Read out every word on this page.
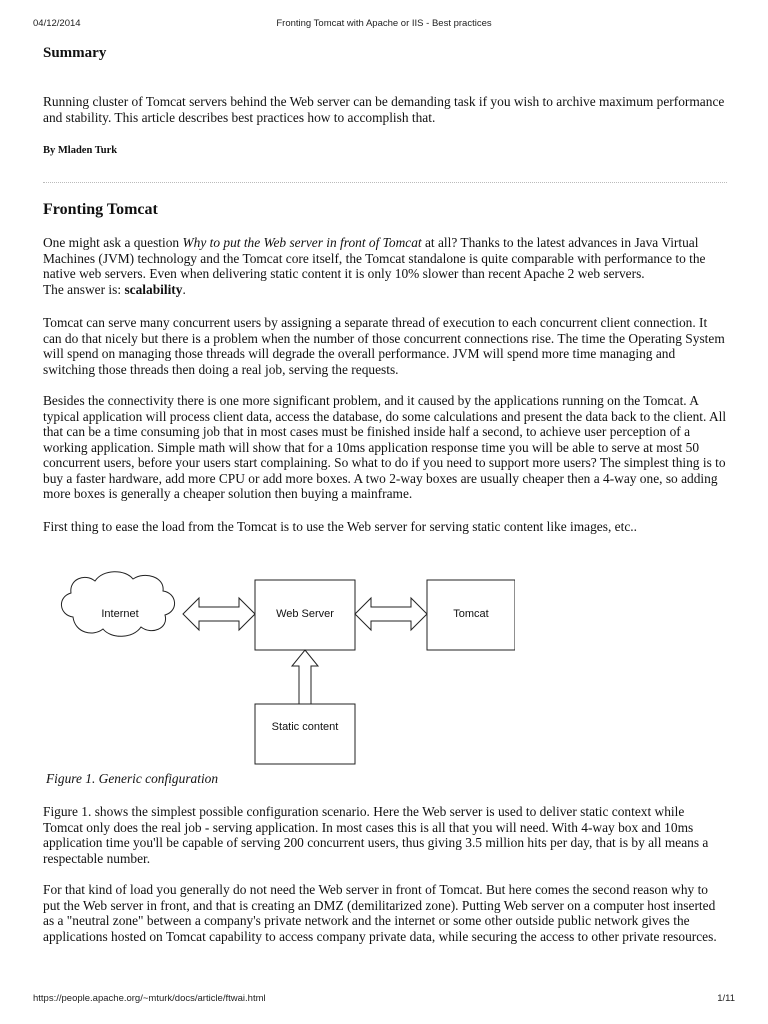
04/12/2014	Fronting Tomcat with Apache or IIS - Best practices
Summary

Running cluster of Tomcat servers behind the Web server can be demanding task if you wish to archive maximum performance and stability. This article describes best practices how to accomplish that.

By Mladen Turk

Fronting Tomcat

One might ask a question Why to put the Web server in front of Tomcat at all? Thanks to the latest advances in Java Virtual Machines (JVM) technology and the Tomcat core itself, the Tomcat standalone is quite comparable with performance to the native web servers. Even when delivering static content it is only 10% slower than recent Apache 2 web servers.
The answer is: scalability.

Tomcat can serve many concurrent users by assigning a separate thread of execution to each concurrent client connection. It can do that nicely but there is a problem when the number of those concurrent connections rise. The time the Operating System will spend on managing those threads will degrade the overall performance. JVM will spend more time managing and switching those threads then doing a real job, serving the requests.

Besides the connectivity there is one more significant problem, and it caused by the applications running on the Tomcat. A typical application will process client data, access the database, do some calculations and present the data back to the client. All that can be a time consuming job that in most cases must be finished inside half a second, to achieve user perception of a working application. Simple math will show that for a 10ms application response time you will be able to serve at most 50 concurrent users, before your users start complaining. So what to do if you need to support more users? The simplest thing is to buy a faster hardware, add more CPU or add more boxes. A two 2-way boxes are usually cheaper then a 4-way one, so adding more boxes is generally a cheaper solution then buying a mainframe.

First thing to ease the load from the Tomcat is to use the Web server for serving static content like images, etc..

Internet	Web Server	Tomcat
Static content

Figure 1. Generic configuration

Figure 1. shows the simplest possible configuration scenario. Here the Web server is used to deliver static context while Tomcat only does the real job - serving application. In most cases this is all that you will need. With 4-way box and 10ms application time you'll be capable of serving 200 concurrent users, thus giving 3.5 million hits per day, that is by all means a respectable number.

For that kind of load you generally do not need the Web server in front of Tomcat. But here comes the second reason why to put the Web server in front, and that is creating an DMZ (demilitarized zone). Putting Web server on a computer host inserted as a "neutral zone" between a company's private network and the internet or some other outside public network gives the applications hosted on Tomcat capability to access company private data, while securing the access to other private resources.

https://people.apache.org/~mturk/docs/article/ftwai.html	1/11
